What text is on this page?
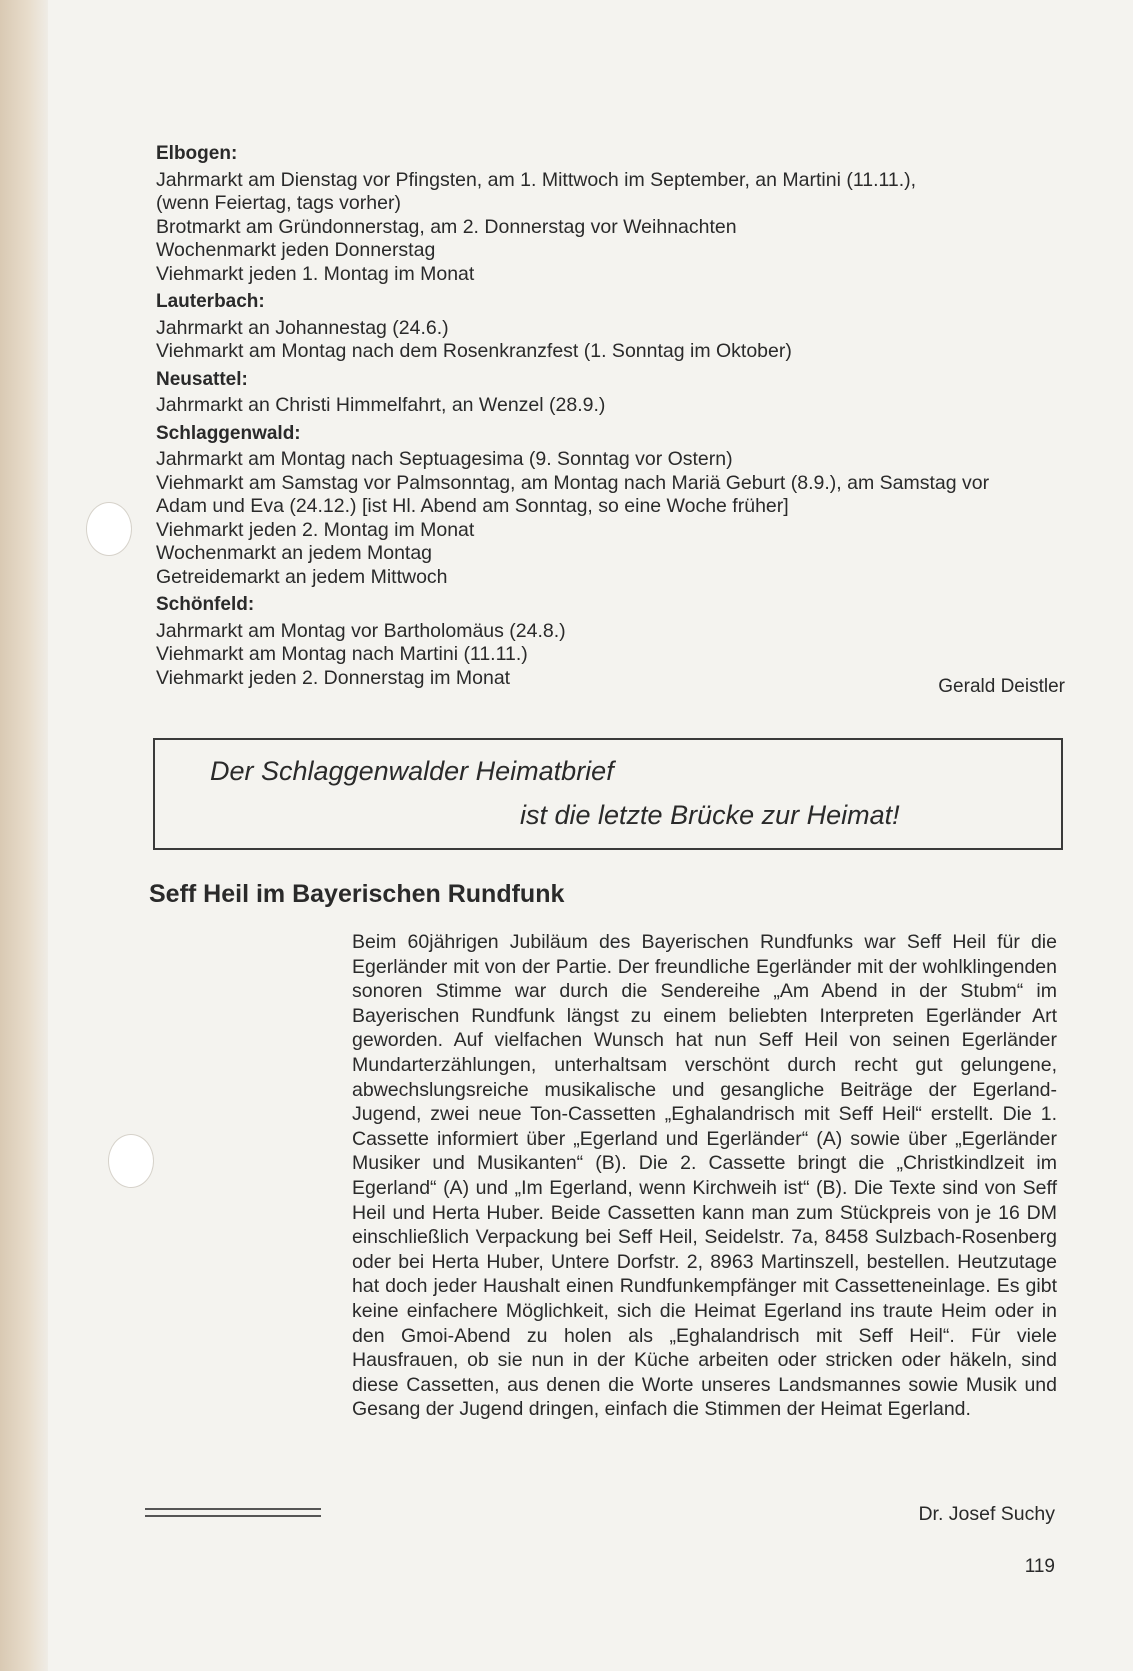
Elbogen:
Jahrmarkt am Dienstag vor Pfingsten, am 1. Mittwoch im September, an Martini (11.11.),
(wenn Feiertag, tags vorher)
Brotmarkt am Gründonnerstag, am 2. Donnerstag vor Weihnachten
Wochenmarkt jeden Donnerstag
Viehmarkt jeden 1. Montag im Monat
Lauterbach:
Jahrmarkt an Johannestag (24.6.)
Viehmarkt am Montag nach dem Rosenkranzfest (1. Sonntag im Oktober)
Neusattel:
Jahrmarkt an Christi Himmelfahrt, an Wenzel (28.9.)
Schlaggenwald:
Jahrmarkt am Montag nach Septuagesima (9. Sonntag vor Ostern)
Viehmarkt am Samstag vor Palmsonntag, am Montag nach Mariä Geburt (8.9.), am Samstag vor
Adam und Eva (24.12.) [ist Hl. Abend am Sonntag, so eine Woche früher]
Viehmarkt jeden 2. Montag im Monat
Wochenmarkt an jedem Montag
Getreidemarkt an jedem Mittwoch
Schönfeld:
Jahrmarkt am Montag vor Bartholomäus (24.8.)
Viehmarkt am Montag nach Martini (11.11.)
Viehmarkt jeden 2. Donnerstag im Monat	Gerald Deistler
Der Schlaggenwalder Heimatbrief
ist die letzte Brücke zur Heimat!
Seff Heil im Bayerischen Rundfunk

Beim 60jährigen Jubiläum des Bayerischen Rundfunks war Seff Heil für die Egerländer mit von der Partie. Der freundliche Egerländer mit der wohlklingenden sonoren Stimme war durch die Sendereihe „Am Abend in der Stubm“ im Bayerischen Rundfunk längst zu einem beliebten Interpreten Egerländer Art geworden. Auf vielfachen Wunsch hat nun Seff Heil von seinen Egerländer Mundarterzählungen, unterhaltsam verschönt durch recht gut gelungene, abwechslungsreiche musikalische und gesangliche Beiträge der Egerland-Jugend, zwei neue Ton-Cassetten „Eghalandrisch mit Seff Heil“ erstellt. Die 1. Cassette informiert über „Egerland und Egerländer“ (A) sowie über „Egerländer Musiker und Musikanten“ (B). Die 2. Cassette bringt die „Christkindlzeit im Egerland“ (A) und „Im Egerland, wenn Kirchweih ist“ (B). Die Texte sind von Seff Heil und Herta Huber. Beide Cassetten kann man zum Stückpreis von je 16 DM einschließlich Verpackung bei Seff Heil, Seidelstr. 7a, 8458 Sulzbach-Rosenberg oder bei Herta Huber, Untere Dorfstr. 2, 8963 Martinszell, bestellen. Heutzutage hat doch jeder Haushalt einen Rundfunkempfänger mit Cassetteneinlage. Es gibt keine einfachere Möglichkeit, sich die Heimat Egerland ins traute Heim oder in den Gmoi-Abend zu holen als „Eghalandrisch mit Seff Heil“. Für viele Hausfrauen, ob sie nun in der Küche arbeiten oder stricken oder häkeln, sind diese Cassetten, aus denen die Worte unseres Landsmannes sowie Musik und Gesang der Jugend dringen, einfach die Stimmen der Heimat Egerland.

Dr. Josef Suchy
119
